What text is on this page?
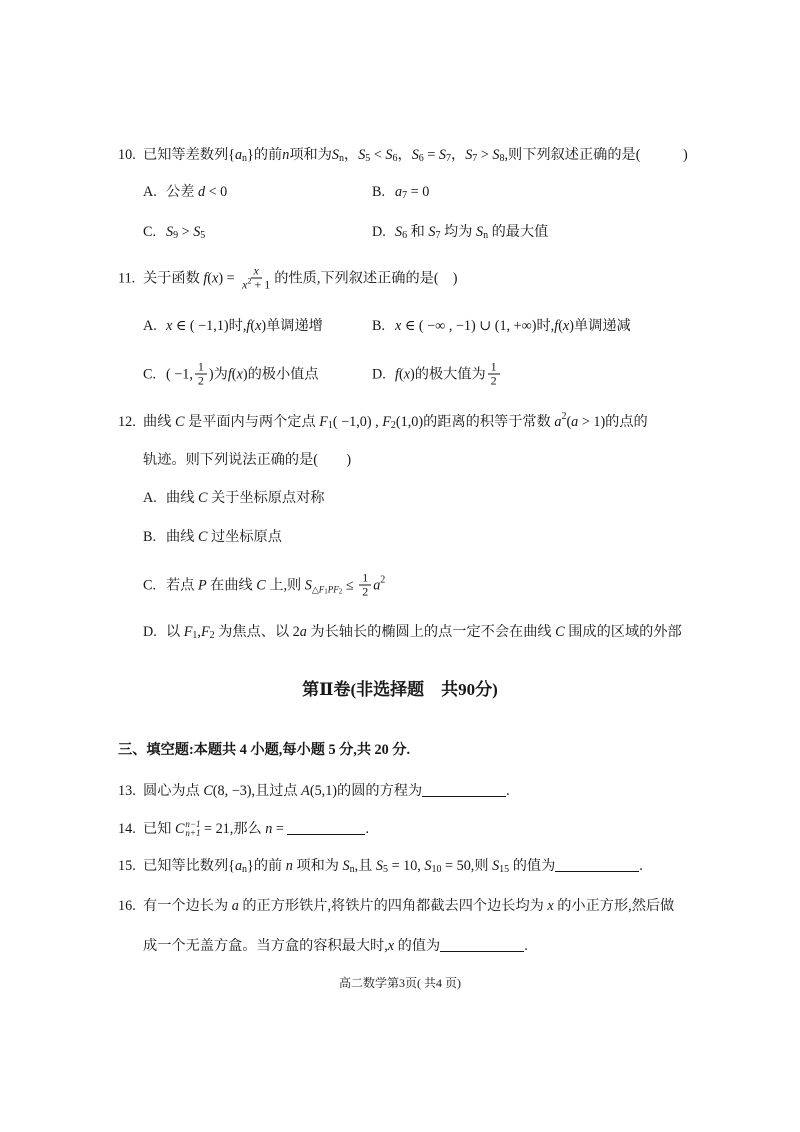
10. 已知等差数列{ a n }的前 n 项和为 S n ， S 5 < S 6 ， S 6 = S 7 ， S 7 > S 8 ,则下列叙述正确的是(　　　)
A. 公差 d < 0	B. a 7 = 0
C. S 9 > S 5	D. S 6 和 S 7 均为 S n 的最大值
11. 关于函数 f ( x ) = $\frac{x}{x 2 + 1}$ 的性质,下列叙述正确的是(　)
A. x ∈ ( −1,1)时, f ( x )单调递增	B. x ∈ ( −∞ , −1) ∪ (1, +∞)时, f ( x )单调递减
C. ( −1, $\frac{1}{2}$ )为 f ( x )的极小值点	D. f ( x )的极大值为 $\frac{1}{2}$
12. 曲线 C 是平面内与两个定点 F 1 ( −1,0) , F 2 (1,0)的距离的积等于常数 a 2 ( a > 1)的点的
轨迹。则下列说法正确的是(　　)
A. 曲线 C 关于坐标原点对称
B. 曲线 C 过坐标原点
C. 若点 P 在曲线 C 上,则 S △ F 1 P F $2 \le \frac{1}{2}$ a 2
D. 以 F 1 , F 2 为焦点、以 2 a 为长轴长的椭圆上的点一定不会在曲线 C 围成的区域的外部
第Ⅱ卷(非选择题　共90分)
三、填空题:本题共 4 小题,每小题 5 分,共 20 分.
13. 圆心为点 C (8, −3),且过点 A (5,1)的圆的方程为	.
14. 已知 C n−1
n+1 = 21,那么 n =	.
15. 已知等比数列{ a n }的前 n 项和为 S n ,且 S 5 = 10, S 10 = 50,则 S 15 的值为	.
16. 有一个边长为 a 的正方形铁片,将铁片的四角都截去四个边长均为 x 的小正方形,然后做
成一个无盖方盒。当方盒的容积最大时, x 的值为	.
高二数学第3页( 共4 页)
